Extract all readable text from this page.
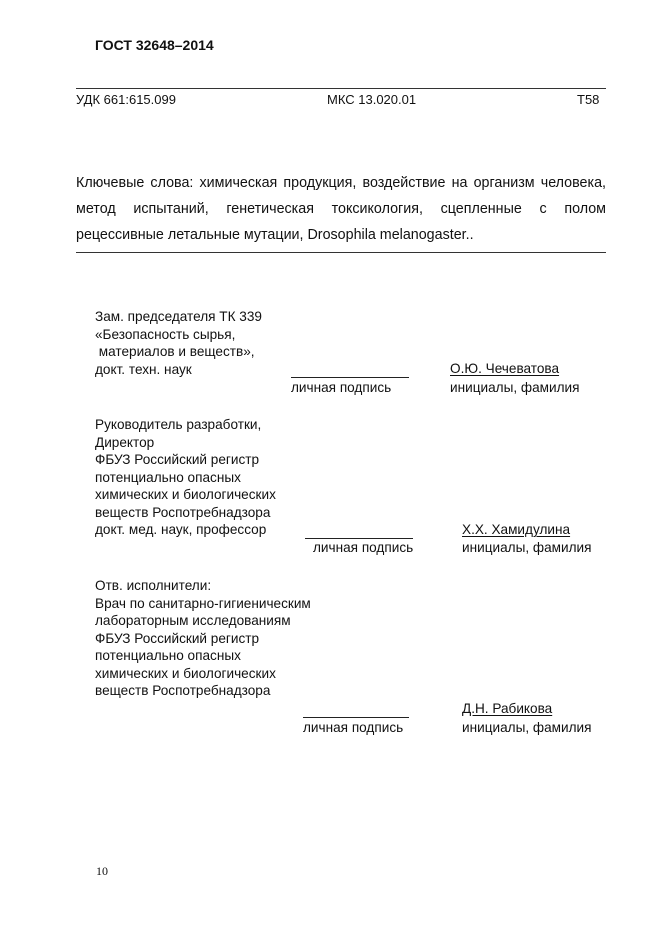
ГОСТ 32648–2014
УДК 661:615.099	МКС 13.020.01	Т58
Ключевые слова: химическая продукция, воздействие на организм человека, метод испытаний, генетическая токсикология, сцепленные с полом рецессивные летальные мутации, Drosophila melanogaster..
Зам. председателя ТК 339
«Безопасность сырья,
материалов и веществ»,
докт. техн. наук
личная подпись
О.Ю. Чечеватова
инициалы, фамилия
Руководитель разработки,
Директор
ФБУЗ Российский регистр
потенциально опасных
химических и биологических
веществ Роспотребнадзора
докт. мед. наук, профессор
личная подпись
Х.Х. Хамидулина
инициалы, фамилия
Отв. исполнители:
Врач по санитарно-гигиеническим
лабораторным исследованиям
ФБУЗ Российский регистр
потенциально опасных
химических и биологических
веществ Роспотребнадзора
личная подпись
Д.Н. Рабикова
инициалы, фамилия
10
